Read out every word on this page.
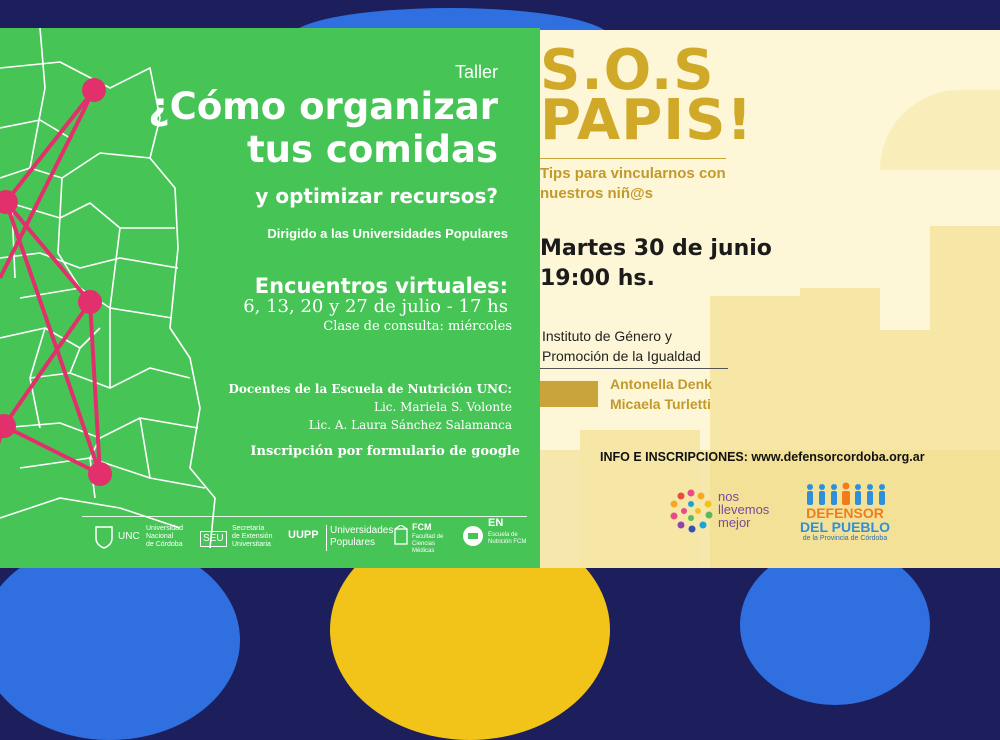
S.O.S
PAPIS!
Tips para vincularnos con
nuestros niñ@s
Martes 30 de junio
19:00 hs.
Instituto de Género y
Promoción de la Igualdad
Antonella Denk
Micaela Turletti
INFO E INSCRIPCIONES: www.defensorcordoba.org.ar
nos
llevemos
mejor
DEFENSOR
DEL PUEBLO
de la Provincia de Córdoba
Taller
¿Cómo organizar
tus comidas
y optimizar recursos?
Dirigido a las Universidades Populares
Encuentros virtuales:
6, 13, 20 y 27 de julio - 17 hs
Clase de consulta: miércoles
Docentes de la Escuela de Nutrición UNC:
Lic. Mariela S. Volonte
Lic. A. Laura Sánchez Salamanca
Inscripción por formulario de google
UNC
Universidad
Nacional
de Córdoba
SEU
Secretaría
de Extensión
Universitaria
UUPP Universidades
Populares
FCM
Facultad de
Ciencias Médicas
EN
Escuela de
Nutrición FCM
